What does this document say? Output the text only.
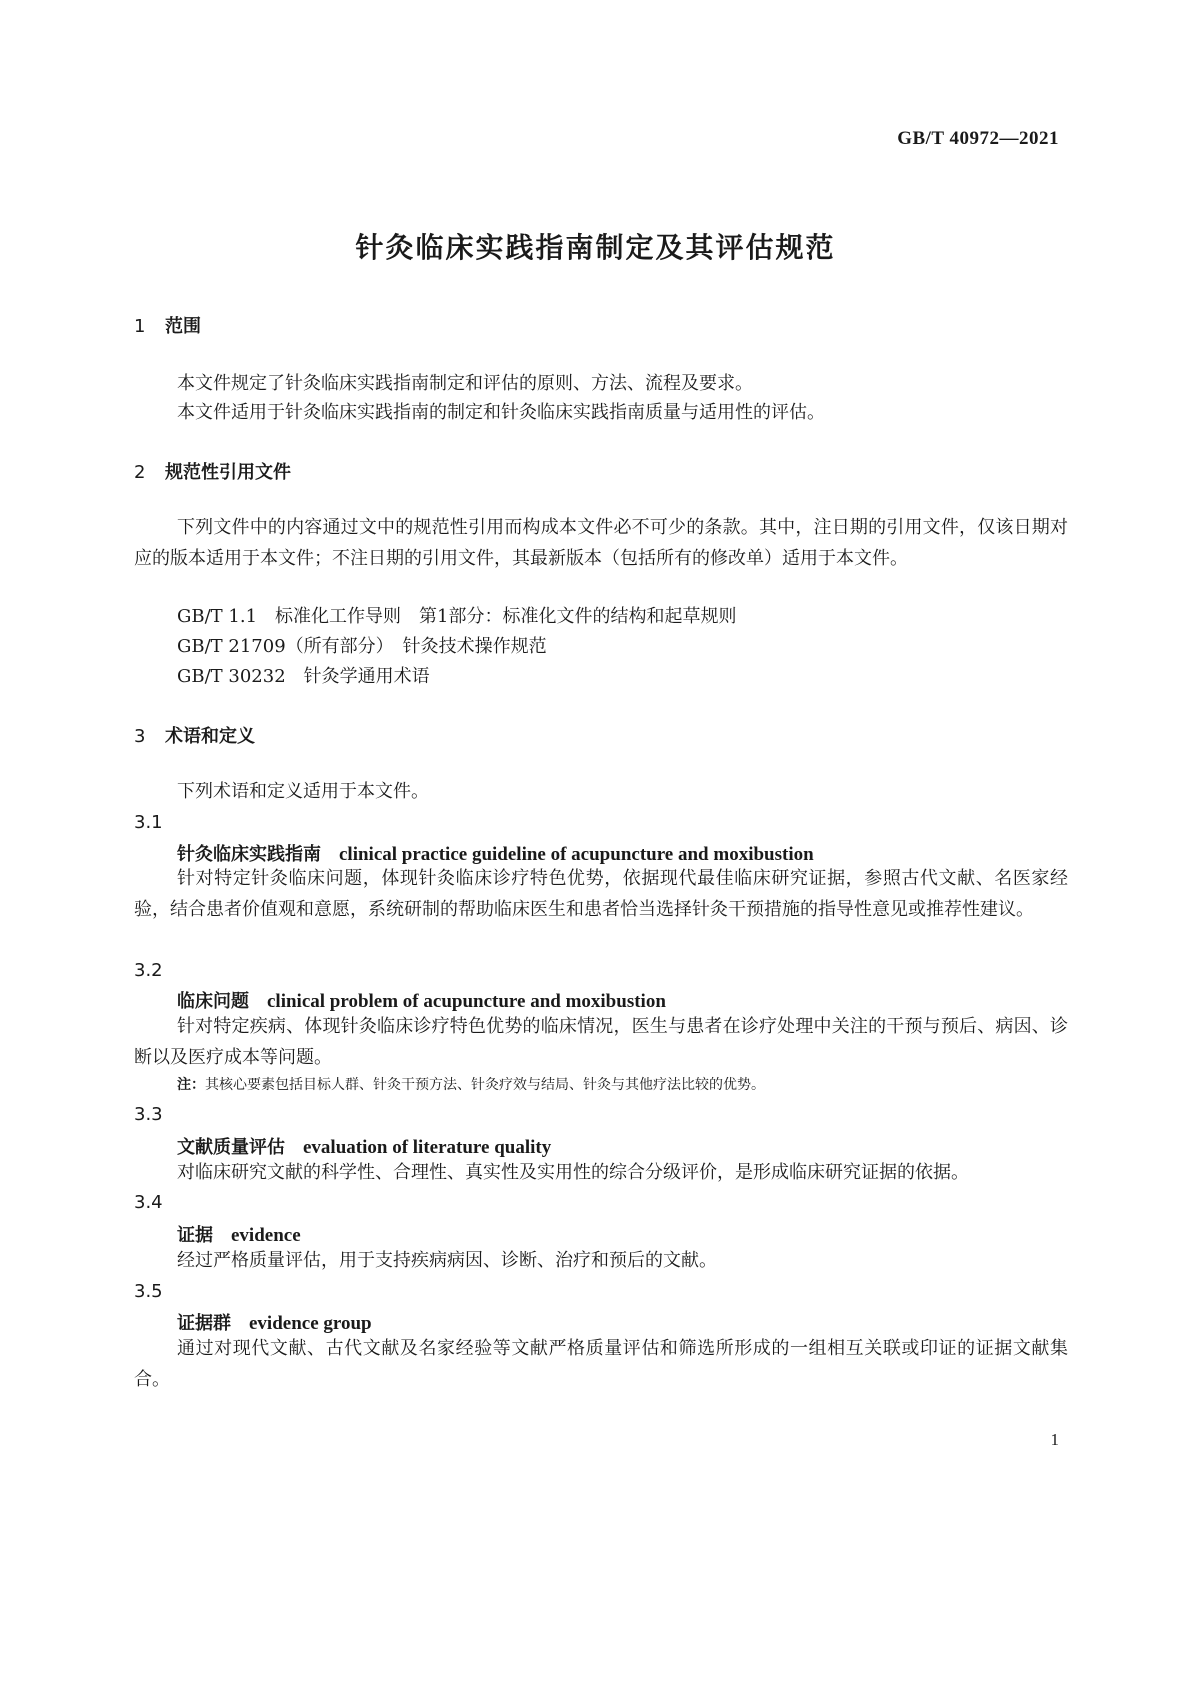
GB/T 40972—2021
针灸临床实践指南制定及其评估规范
1 范围
本文件规定了针灸临床实践指南制定和评估的原则、方法、流程及要求。
本文件适用于针灸临床实践指南的制定和针灸临床实践指南质量与适用性的评估。
2 规范性引用文件
下列文件中的内容通过文中的规范性引用而构成本文件必不可少的条款。其中，注日期的引用文件，仅该日期对应的版本适用于本文件；不注日期的引用文件，其最新版本（包括所有的修改单）适用于本文件。
GB/T 1.1　 标准化工作导则　第1部分：标准化文件的结构和起草规则
GB/T 21709（所有部分）　 针灸技术操作规范
GB/T 30232　 针灸学通用术语
3 术语和定义
下列术语和定义适用于本文件。
3.1
针灸临床实践指南 clinical practice guideline of acupuncture and moxibustion
针对特定针灸临床问题，体现针灸临床诊疗特色优势，依据现代最佳临床研究证据，参照古代文献、名医家经验，结合患者价值观和意愿，系统研制的帮助临床医生和患者恰当选择针灸干预措施的指导性意见或推荐性建议。
3.2
临床问题 clinical problem of acupuncture and moxibustion
针对特定疾病、体现针灸临床诊疗特色优势的临床情况，医生与患者在诊疗处理中关注的干预与预后、病因、诊断以及医疗成本等问题。
注：其核心要素包括目标人群、针灸干预方法、针灸疗效与结局、针灸与其他疗法比较的优势。
3.3
文献质量评估 evaluation of literature quality
对临床研究文献的科学性、合理性、真实性及实用性的综合分级评价，是形成临床研究证据的依据。
3.4
证据 evidence
经过严格质量评估，用于支持疾病病因、诊断、治疗和预后的文献。
3.5
证据群 evidence group
通过对现代文献、古代文献及名家经验等文献严格质量评估和筛选所形成的一组相互关联或印证的证据文献集合。
1
